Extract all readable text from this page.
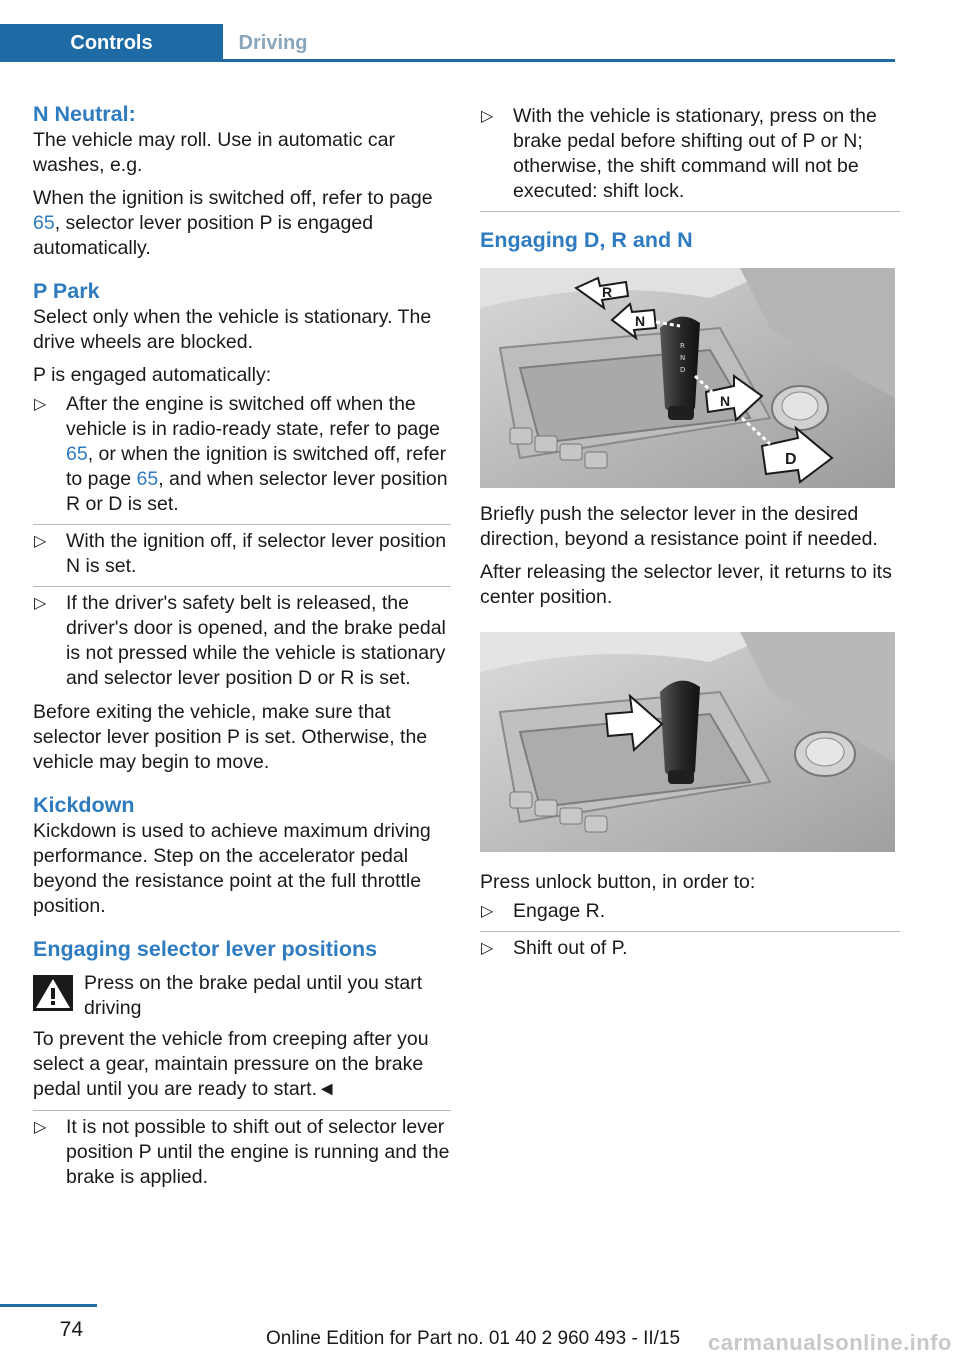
Controls	Driving
N Neutral:
The vehicle may roll. Use in automatic car washes, e.g.
When the ignition is switched off, refer to page 65, selector lever position P is engaged automatically.
P Park
Select only when the vehicle is stationary. The drive wheels are blocked.
P is engaged automatically:
▷ After the engine is switched off when the vehicle is in radio-ready state, refer to page 65, or when the ignition is switched off, refer to page 65, and when selector lever position R or D is set.
▷ With the ignition off, if selector lever position N is set.
▷ If the driver's safety belt is released, the driver's door is opened, and the brake pedal is not pressed while the vehicle is stationary and selector lever position D or R is set.
Before exiting the vehicle, make sure that selector lever position P is set. Otherwise, the vehicle may begin to move.
Kickdown
Kickdown is used to achieve maximum driving performance. Step on the accelerator pedal beyond the resistance point at the full throttle position.
Engaging selector lever positions
Press on the brake pedal until you start driving
To prevent the vehicle from creeping after you select a gear, maintain pressure on the brake pedal until you are ready to start.◄
▷ It is not possible to shift out of selector lever position P until the engine is running and the brake is applied.
▷ With the vehicle is stationary, press on the brake pedal before shifting out of P or N; otherwise, the shift command will not be executed: shift lock.
Engaging D, R and N
R
N
D
R
N
N
D
Briefly push the selector lever in the desired direction, beyond a resistance point if needed.
After releasing the selector lever, it returns to its center position.
Press unlock button, in order to:
▷ Engage R.
▷ Shift out of P.
74	Online Edition for Part no. 01 40 2 960 493 - II/15 carmanualsonline.info
